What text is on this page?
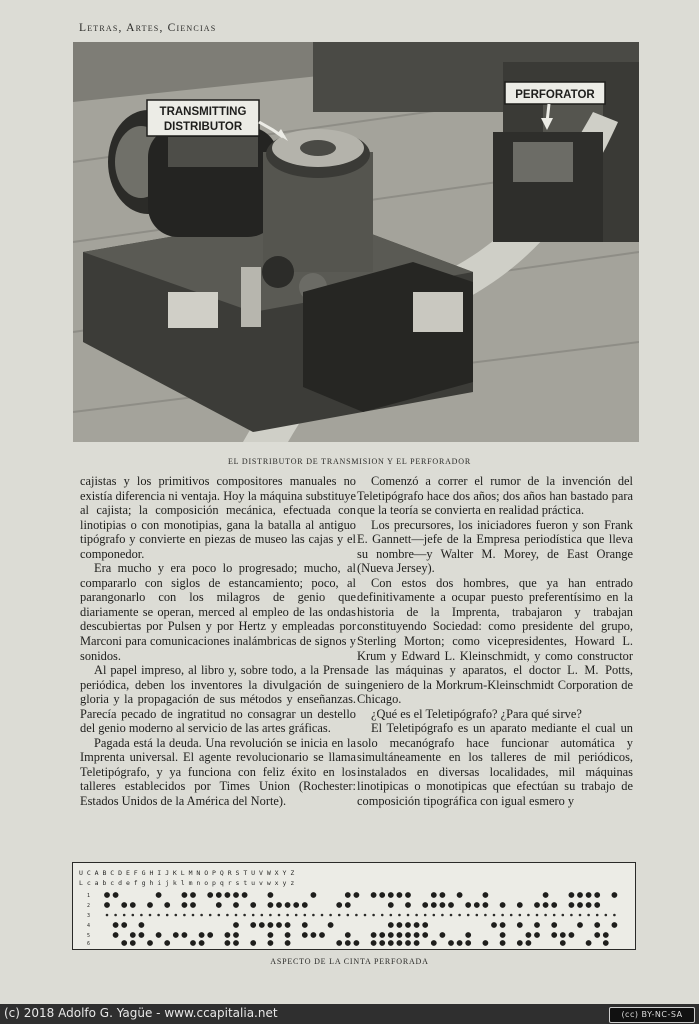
Letras, Artes, Ciencias
TRANSMITTING
DISTRIBUTOR
PERFORATOR
EL DISTRIBUTOR DE TRANSMISION Y EL PERFORADOR

cajistas y los primitivos compositores manuales no existía diferencia ni ventaja. Hoy la máquina substituye al cajista; la composición mecánica, efectuada con linotipias o con monotipias, gana la batalla al antiguo tipógrafo y convierte en piezas de museo las cajas y el componedor.

Era mucho y era poco lo progresado; mucho, al compararlo con siglos de estancamiento; poco, al parangonarlo con los milagros de genio que diariamente se operan, merced al empleo de las ondas descubiertas por Pulsen y por Hertz y empleadas por Marconi para comunicaciones inalámbricas de signos y sonidos.

Al papel impreso, al libro y, sobre todo, a la Prensa periódica, deben los inventores la divulgación de su gloria y la propagación de sus métodos y enseñanzas. Parecía pecado de ingratitud no consagrar un destello del genio moderno al servicio de las artes gráficas.

Pagada está la deuda. Una revolución se inicia en la Imprenta universal. El agente revolucionario se llama Teletipógrafo, y ya funciona con feliz éxito en los talleres establecidos por Times Union (Rochester: Estados Unidos de la América del Norte).

Comenzó a correr el rumor de la invención del Teletipógrafo hace dos años; dos años han bastado para que la teoría se convierta en realidad práctica.

Los precursores, los iniciadores fueron y son Frank E. Gannett—jefe de la Empresa periodística que lleva su nombre—y Walter M. Morey, de East Orange (Nueva Jersey).

Con estos dos hombres, que ya han entrado definitivamente a ocupar puesto preferentísimo en la historia de la Imprenta, trabajaron y trabajan constituyendo Sociedad: como presidente del grupo, Sterling Morton; como vicepresidentes, Howard L. Krum y Edward L. Kleinschmidt, y como constructor de las máquinas y aparatos, el doctor L. M. Potts, ingeniero de la Morkrum-Kleinschmidt Corporation de Chicago.

¿Qué es el Teletipógrafo? ¿Para qué sirve?

El Teletipógrafo es un aparato mediante el cual un solo mecanógrafo hace funcionar automática y simultáneamente en los talleres de mil periódicos, instalados en diversas localidades, mil máquinas linotipicas o monotipicas que efectúan su trabajo de composición tipográfica con igual esmero y

U C A B C D E F G H I J K L M N O P Q R S T U V W X Y Z
L c a b c d e f g h i j k l m n o p q r s t u v w x y z
1
2
3
4
5
6
ASPECTO DE LA CINTA PERFORADA
(c) 2018 Adolfo G. Yagüe - www.ccapitalia.net	(cc) BY-NC-SA
